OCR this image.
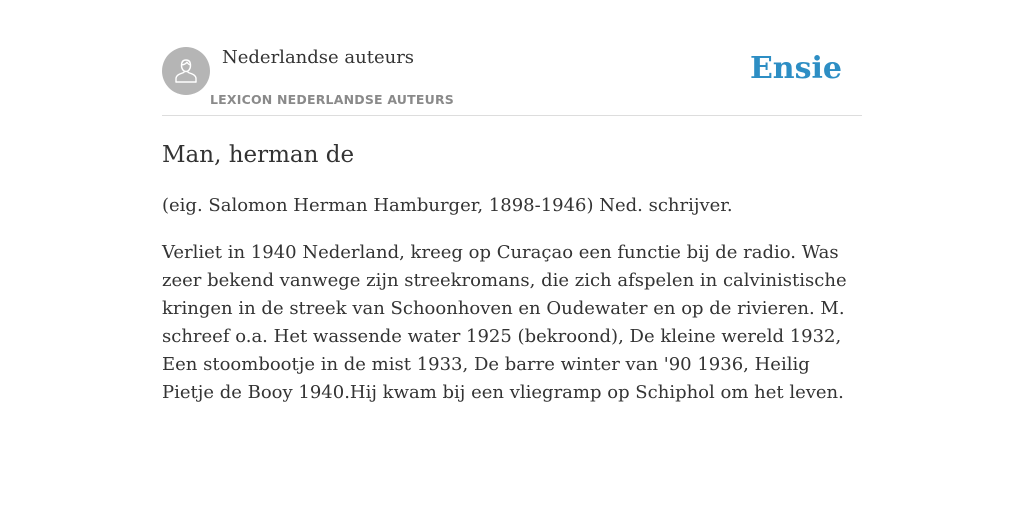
Nederlandse auteurs
LEXICON NEDERLANDSE AUTEURS
Ensie
Man, herman de

(eig. Salomon Herman Hamburger, 1898-1946) Ned. schrijver.

Verliet in 1940 Nederland, kreeg op Curaçao een functie bij de radio. Was zeer bekend vanwege zijn streekromans, die zich afspelen in calvinistische kringen in de streek van Schoonhoven en Oudewater en op de rivieren. M. schreef o.a. Het wassende water 1925 (bekroond), De kleine wereld 1932, Een stoombootje in de mist 1933, De barre winter van '90 1936, Heilig Pietje de Booy 1940.Hij kwam bij een vliegramp op Schiphol om het leven.
